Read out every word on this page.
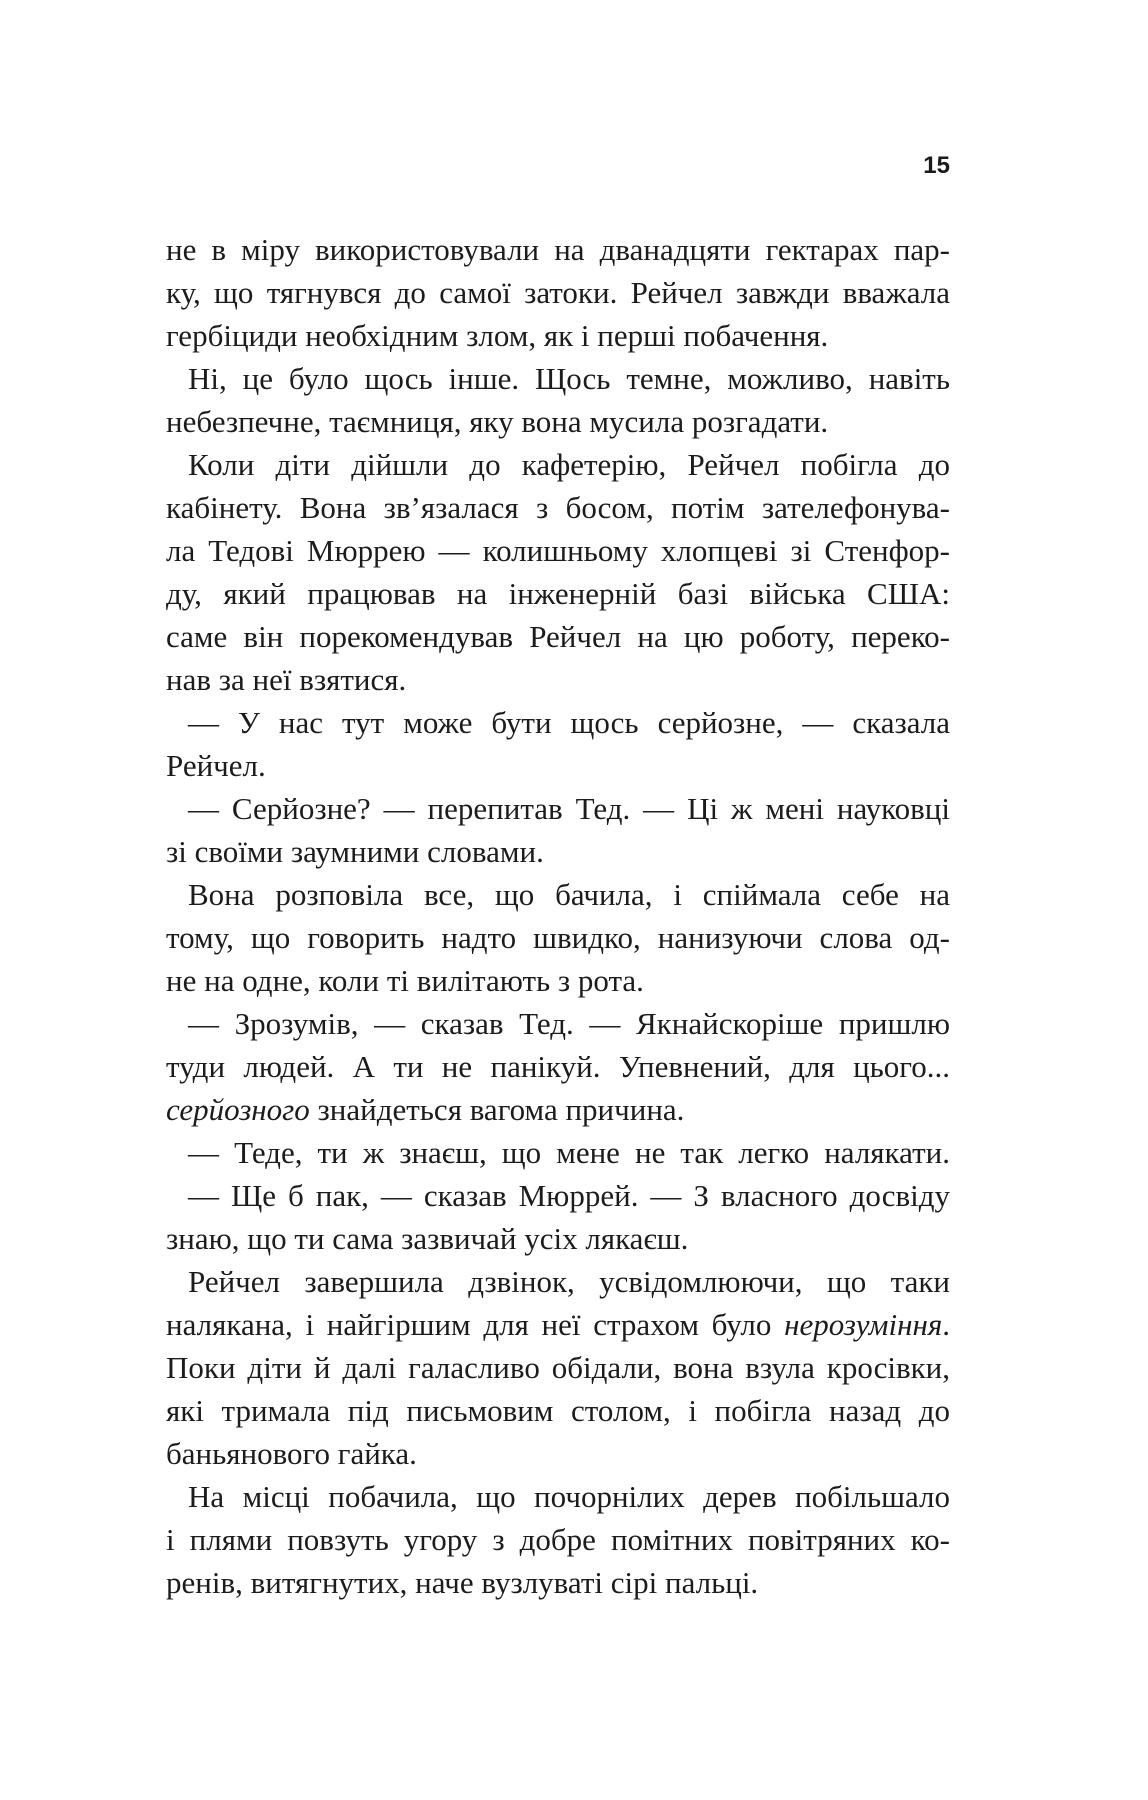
15
не в міру використовували на дванадцяти гектарах пар-
ку, що тягнувся до самої затоки. Рейчел завжди вважала
гербіциди необхідним злом, як і перші побачення.
Ні, це було щось інше. Щось темне, можливо, навіть
небезпечне, таємниця, яку вона мусила розгадати.
Коли діти дійшли до кафетерію, Рейчел побігла до
кабінету. Вона зв’язалася з босом, потім зателефонува-
ла Тедові Мюррею — колишньому хлопцеві зі Стенфор-
ду, який працював на інженерній базі війська США:
саме він порекомендував Рейчел на цю роботу, переко-
нав за неї взятися.
— У нас тут може бути щось серйозне, — сказала
Рейчел.
— Серйозне? — перепитав Тед. — Ці ж мені науковці
зі своїми заумними словами.
Вона розповіла все, що бачила, і спіймала себе на
тому, що говорить надто швидко, нанизуючи слова од-
не на одне, коли ті вилітають з рота.
— Зрозумів, — сказав Тед. — Якнайскоріше пришлю
туди людей. А ти не панікуй. Упевнений, для цього...
серйозного знайдеться вагома причина.
— Теде, ти ж знаєш, що мене не так легко налякати.
— Ще б пак, — сказав Мюррей. — З власного досвіду
знаю, що ти сама зазвичай усіх лякаєш.
Рейчел завершила дзвінок, усвідомлюючи, що таки
налякана, і найгіршим для неї страхом було нерозуміння.
Поки діти й далі галасливо обідали, вона взула кросівки,
які тримала під письмовим столом, і побігла назад до
баньянового гайка.
На місці побачила, що почорнілих дерев побільшало
і плями повзуть угору з добре помітних повітряних ко-
ренів, витягнутих, наче вузлуваті сірі пальці.
